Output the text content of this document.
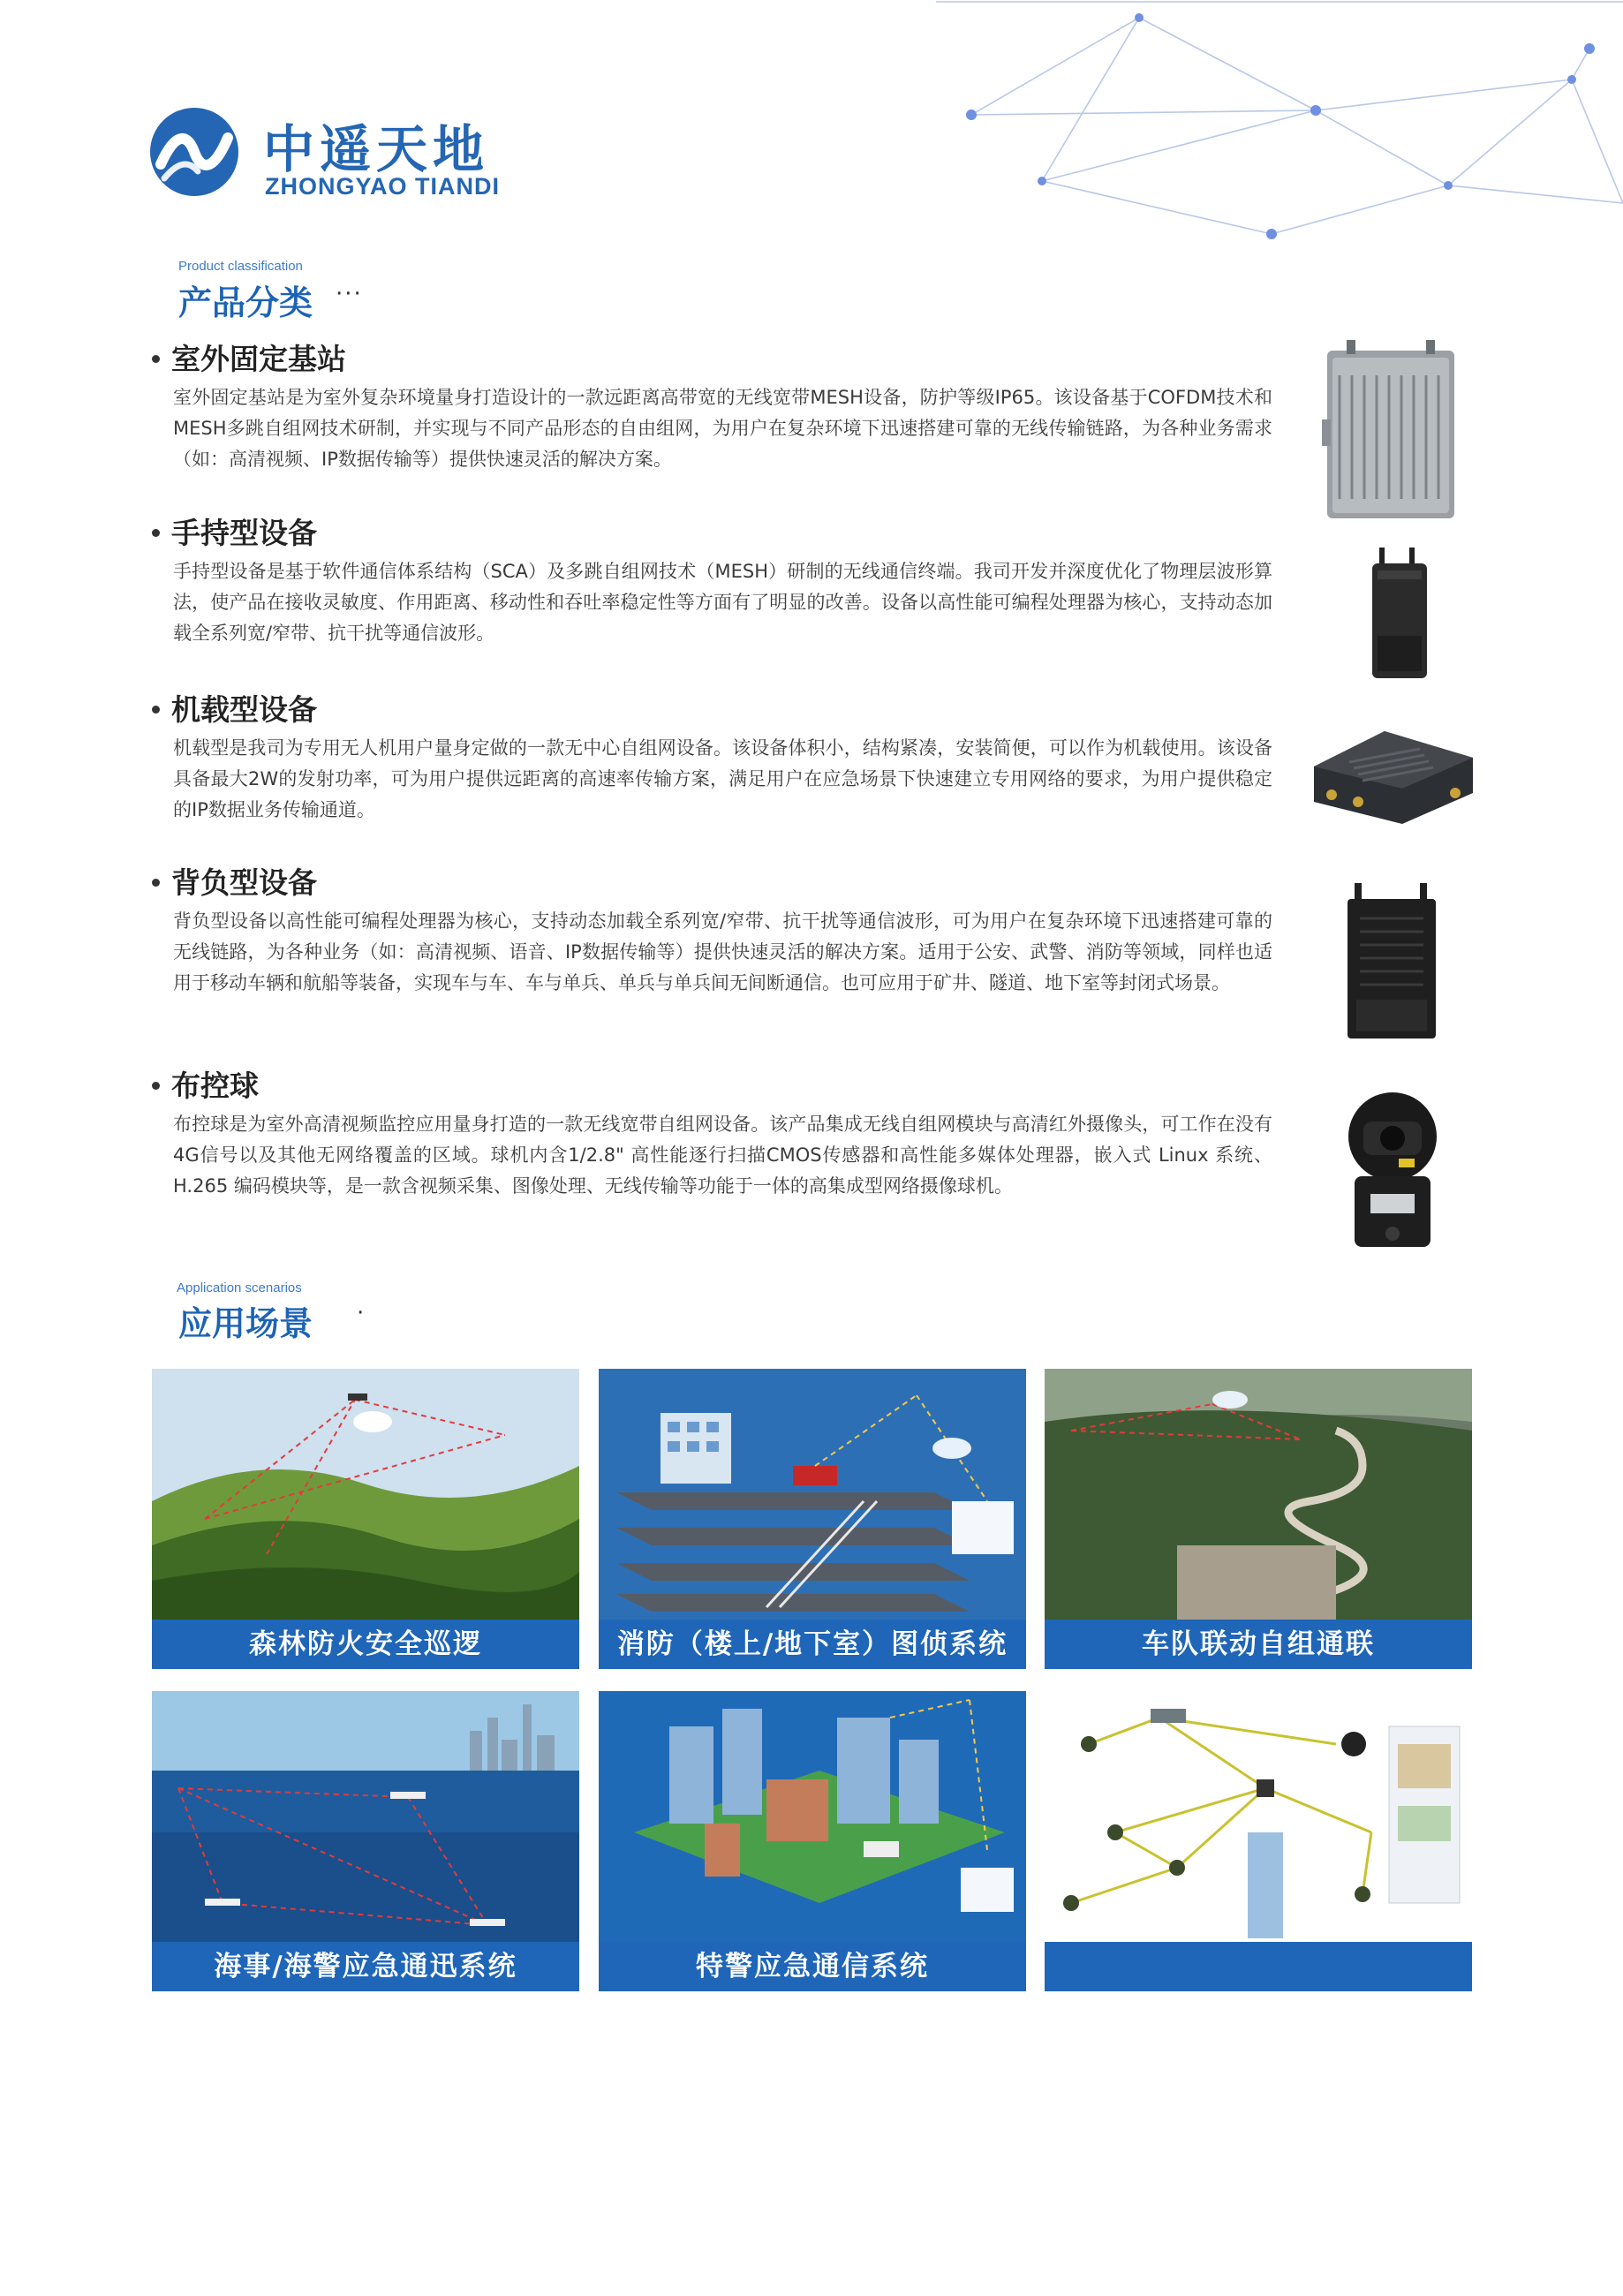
中遥天地
ZHONGYAO TIANDI
Product classification
产品分类 ···
室外固定基站

室外固定基站是为室外复杂环境量身打造设计的一款远距离高带宽的无线宽带MESH设备，防护等级IP65。该设备基于COFDM技术和MESH多跳自组网技术研制，并实现与不同产品形态的自由组网，为用户在复杂环境下迅速搭建可靠的无线传输链路，为各种业务需求（如：高清视频、IP数据传输等）提供快速灵活的解决方案。

手持型设备

手持型设备是基于软件通信体系结构（SCA）及多跳自组网技术（MESH）研制的无线通信终端。我司开发并深度优化了物理层波形算法，使产品在接收灵敏度、作用距离、移动性和吞吐率稳定性等方面有了明显的改善。设备以高性能可编程处理器为核心，支持动态加载全系列宽/窄带、抗干扰等通信波形。

机载型设备

机载型是我司为专用无人机用户量身定做的一款无中心自组网设备。该设备体积小，结构紧凑，安装简便，可以作为机载使用。该设备具备最大2W的发射功率，可为用户提供远距离的高速率传输方案，满足用户在应急场景下快速建立专用网络的要求，为用户提供稳定的IP数据业务传输通道。

背负型设备

背负型设备以高性能可编程处理器为核心，支持动态加载全系列宽/窄带、抗干扰等通信波形，可为用户在复杂环境下迅速搭建可靠的无线链路，为各种业务（如：高清视频、语音、IP数据传输等）提供快速灵活的解决方案。适用于公安、武警、消防等领域，同样也适用于移动车辆和航船等装备，实现车与车、车与单兵、单兵与单兵间无间断通信。也可应用于矿井、隧道、地下室等封闭式场景。

布控球

布控球是为室外高清视频监控应用量身打造的一款无线宽带自组网设备。该产品集成无线自组网模块与高清红外摄像头，可工作在没有4G信号以及其他无网络覆盖的区域。球机内含1/2.8" 高性能逐行扫描CMOS传感器和高性能多媒体处理器，嵌入式 Linux 系统、H.265 编码模块等，是一款含视频采集、图像处理、无线传输等功能于一体的高集成型网络摄像球机。

Application scenarios
应用场景 ·
森林防火安全巡逻	消防（楼上/地下室）图侦系统	车队联动自组通联
海事/海警应急通迅系统	特警应急通信系统
